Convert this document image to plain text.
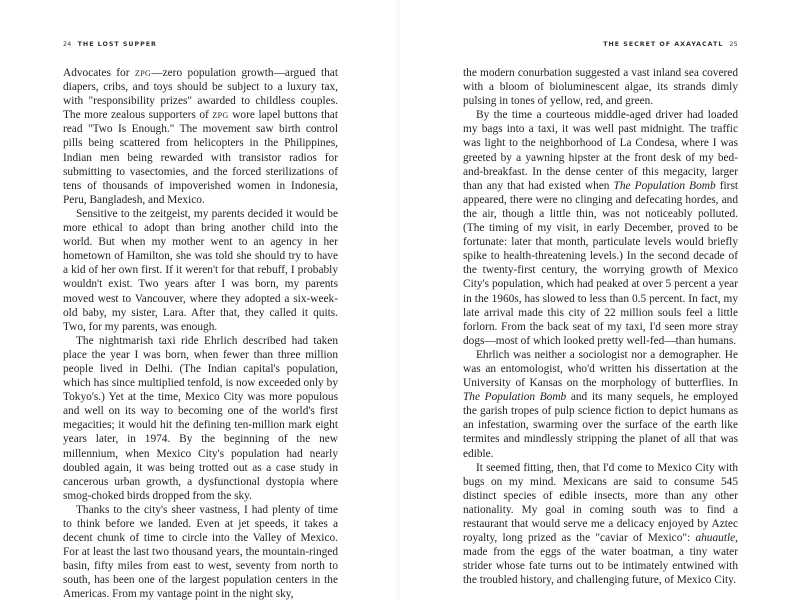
24 THE LOST SUPPER

Advocates for zpg—zero population growth—argued that diapers, cribs, and toys should be subject to a luxury tax, with "responsibility prizes" awarded to childless couples. The more zealous supporters of zpg wore lapel buttons that read "Two Is Enough." The movement saw birth control pills being scattered from helicopters in the Philippines, Indian men being rewarded with transistor radios for submitting to vasectomies, and the forced sterilizations of tens of thousands of impoverished women in Indonesia, Peru, Bangladesh, and Mexico.

Sensitive to the zeitgeist, my parents decided it would be more ethical to adopt than bring another child into the world. But when my mother went to an agency in her hometown of Hamilton, she was told she should try to have a kid of her own first. If it weren't for that rebuff, I probably wouldn't exist. Two years after I was born, my parents moved west to Vancouver, where they adopted a six-week-old baby, my sister, Lara. After that, they called it quits. Two, for my parents, was enough.

The nightmarish taxi ride Ehrlich described had taken place the year I was born, when fewer than three million people lived in Delhi. (The Indian capital's population, which has since multiplied tenfold, is now exceeded only by Tokyo's.) Yet at the time, Mexico City was more populous and well on its way to becoming one of the world's first megacities; it would hit the defining ten-million mark eight years later, in 1974. By the beginning of the new millennium, when Mexico City's population had nearly doubled again, it was being trotted out as a case study in cancerous urban growth, a dysfunctional dystopia where smog-choked birds dropped from the sky.

Thanks to the city's sheer vastness, I had plenty of time to think before we landed. Even at jet speeds, it takes a decent chunk of time to circle into the Valley of Mexico. For at least the last two thousand years, the mountain-ringed basin, fifty miles from east to west, seventy from north to south, has been one of the largest population centers in the Americas. From my vantage point in the night sky,

THE SECRET OF AXAYACATL 25

the modern conurbation suggested a vast inland sea covered with a bloom of bioluminescent algae, its strands dimly pulsing in tones of yellow, red, and green.

By the time a courteous middle-aged driver had loaded my bags into a taxi, it was well past midnight. The traffic was light to the neighborhood of La Condesa, where I was greeted by a yawning hipster at the front desk of my bed-and-breakfast. In the dense center of this megacity, larger than any that had existed when The Population Bomb first appeared, there were no clinging and defecating hordes, and the air, though a little thin, was not noticeably polluted. (The timing of my visit, in early December, proved to be fortunate: later that month, particulate levels would briefly spike to health-threatening levels.) In the second decade of the twenty-first century, the worrying growth of Mexico City's population, which had peaked at over 5 percent a year in the 1960s, has slowed to less than 0.5 percent. In fact, my late arrival made this city of 22 million souls feel a little forlorn. From the back seat of my taxi, I'd seen more stray dogs—most of which looked pretty well-fed—than humans.

Ehrlich was neither a sociologist nor a demographer. He was an entomologist, who'd written his dissertation at the University of Kansas on the morphology of butterflies. In The Population Bomb and its many sequels, he employed the garish tropes of pulp science fiction to depict humans as an infestation, swarming over the surface of the earth like termites and mindlessly stripping the planet of all that was edible.

It seemed fitting, then, that I'd come to Mexico City with bugs on my mind. Mexicans are said to consume 545 distinct species of edible insects, more than any other nationality. My goal in coming south was to find a restaurant that would serve me a delicacy enjoyed by Aztec royalty, long prized as the "caviar of Mexico": ahuautle, made from the eggs of the water boatman, a tiny water strider whose fate turns out to be intimately entwined with the troubled history, and challenging future, of Mexico City.
